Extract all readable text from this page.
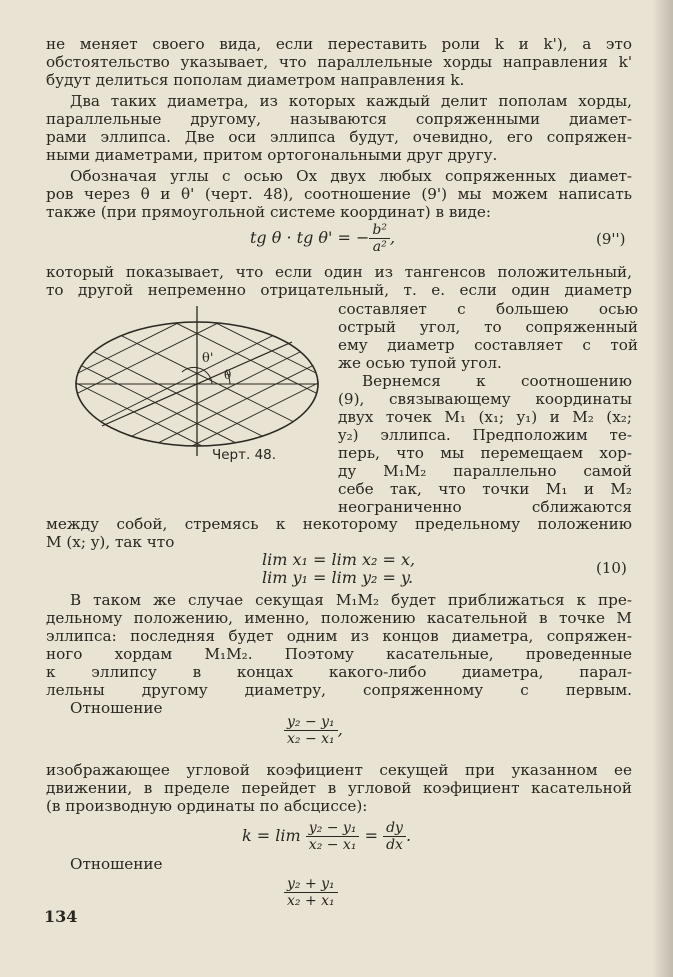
не меняет своего вида, если переставить роли k и k'), а это
обстоятельство указывает, что параллельные хорды направления k'
будут делиться пополам диаметром направления k.
Два таких диаметра, из которых каждый делит пополам хорды,
параллельные другому, называются сопряженными диамет-
рами эллипса. Две оси эллипса будут, очевидно, его сопряжен-
ными диаметрами, притом ортогональными друг другу.
Обозначая углы с осью Ox двух любых сопряженных диамет-
ров через θ и θ' (черт. 48), соотношение (9') мы можем написать
также (при прямоугольной системе координат) в виде:
tg θ · tg θ' = − $\frac{\text{b²}}{\text{a²}}$ ,	(9'')
который показывает, что если один из тангенсов положительный,
то другой непременно отрицательный, т. е. если один диаметр
составляет с большею осью
острый угол, то сопряженный
ему диаметр составляет с той
же осью тупой угол.
Вернемся к соотношению
(9), связывающему координаты
двух точек M₁ (x₁; y₁) и M₂ (x₂;
y₂) эллипса. Предположим те-
перь, что мы перемещаем хор-
ду M₁M₂ параллельно самой
себе так, что точки M₁ и M₂
неограниченно сближаются
θ'
θ
Черт. 48.
между собой, стремясь к некоторому предельному положению
M (x; y), так что
lim x₁ = lim x₂ = x,
lim y₁ = lim y₂ = y.	(10)
В таком же случае секущая M₁M₂ будет приближаться к пре-
дельному положению, именно, положению касательной в точке M
эллипса: последняя будет одним из концов диаметра, сопряжен-
ного хордам M₁M₂. Поэтому касательные, проведенные
к эллипсу в концах какого-либо диаметра, парал-
лельны другому диаметру, сопряженному с первым.
Отношение
$\frac{\text{y₂ − y₁}}{\text{x₂ − x₁}}$ ,
изображающее угловой коэфициент секущей при указанном ее
движении, в пределе перейдет в угловой коэфициент касательной
(в производную ординаты по абсциссе):
$k = \lim \frac{\text{y₂ − y₁}}{\text{x₂ − x₁}} = \frac{dy}{dx}$ .
Отношение
$\frac{\text{y₂ + y₁}}{\text{x₂ + x₁}}$
134
